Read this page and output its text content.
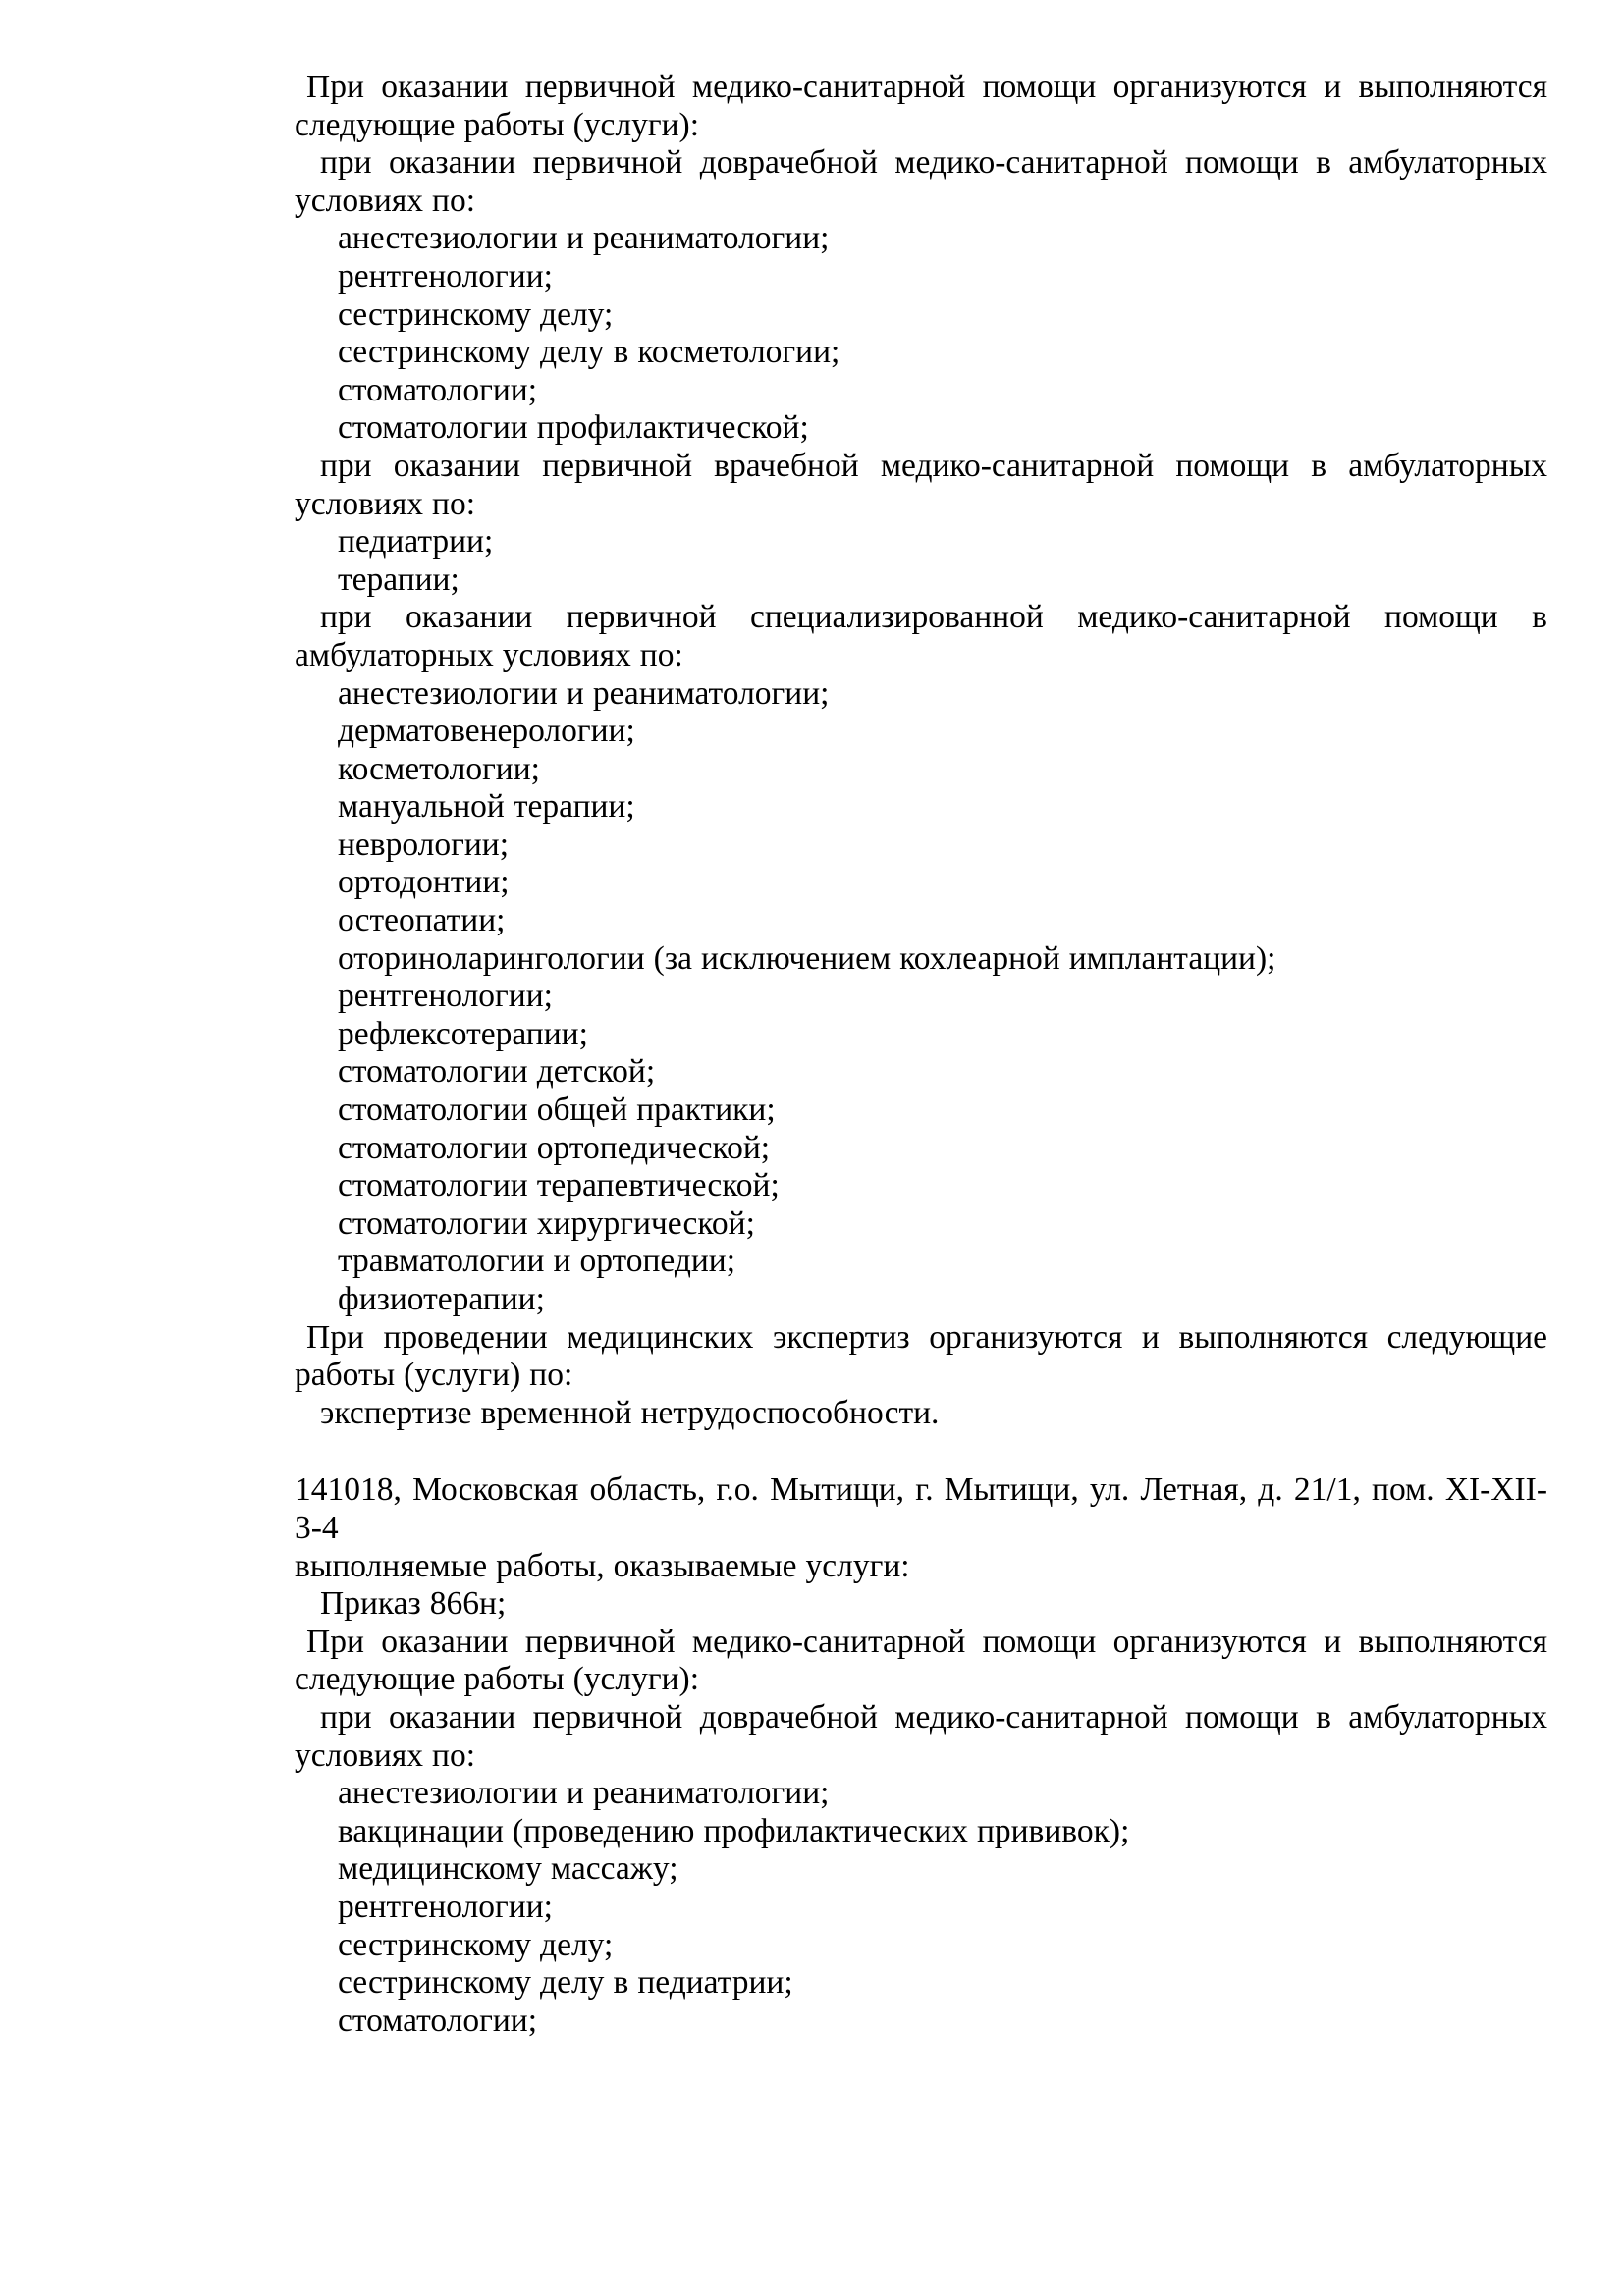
При оказании первичной медико-санитарной помощи организуются и выполняются следующие работы (услуги):

при оказании первичной доврачебной медико-санитарной помощи в амбулаторных условиях по:

анестезиологии и реаниматологии;

рентгенологии;

сестринскому делу;

сестринскому делу в косметологии;

стоматологии;

стоматологии профилактической;

при оказании первичной врачебной медико-санитарной помощи в амбулаторных условиях по:

педиатрии;

терапии;

при оказании первичной специализированной медико-санитарной помощи в амбулаторных условиях по:

анестезиологии и реаниматологии;

дерматовенерологии;

косметологии;

мануальной терапии;

неврологии;

ортодонтии;

остеопатии;

оториноларингологии (за исключением кохлеарной имплантации);

рентгенологии;

рефлексотерапии;

стоматологии детской;

стоматологии общей практики;

стоматологии ортопедической;

стоматологии терапевтической;

стоматологии хирургической;

травматологии и ортопедии;

физиотерапии;

При проведении медицинских экспертиз организуются и выполняются следующие работы (услуги) по:

экспертизе временной нетрудоспособности.

141018, Московская область, г.о. Мытищи, г. Мытищи, ул. Летная, д. 21/1, пом. XI-XII-3-4

выполняемые работы, оказываемые услуги:

Приказ 866н;

При оказании первичной медико-санитарной помощи организуются и выполняются следующие работы (услуги):

при оказании первичной доврачебной медико-санитарной помощи в амбулаторных условиях по:

анестезиологии и реаниматологии;

вакцинации (проведению профилактических прививок);

медицинскому массажу;

рентгенологии;

сестринскому делу;

сестринскому делу в педиатрии;

стоматологии;
